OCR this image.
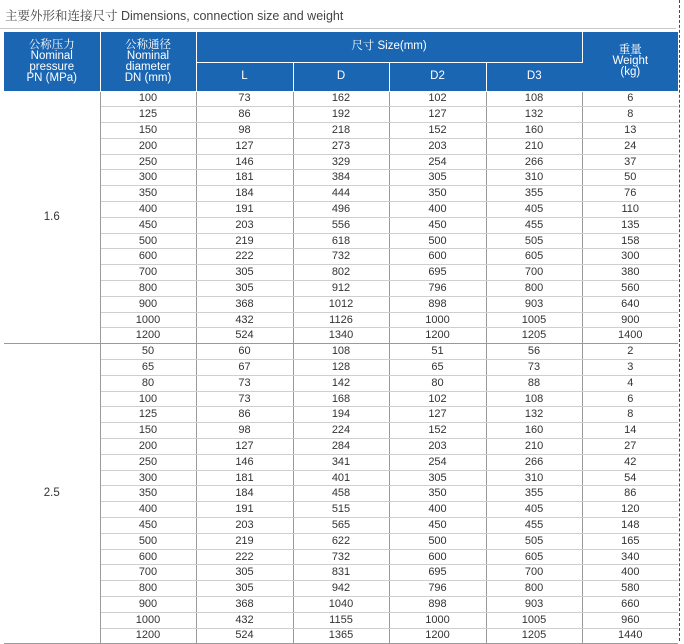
主要外形和连接尺寸 Dimensions, connection size and weight
公称压力
Nominal
pressure
PN (MPa)	公称通径
Nominal
diameter
DN (mm)	尺寸 Size(mm)				重量
Weight
(kg)
		L	D	D2	D3	
1.6	100	73	162	102	108	6
	125	86	192	127	132	8
	150	98	218	152	160	13
	200	127	273	203	210	24
	250	146	329	254	266	37
	300	181	384	305	310	50
	350	184	444	350	355	76
	400	191	496	400	405	110
	450	203	556	450	455	135
	500	219	618	500	505	158
	600	222	732	600	605	300
	700	305	802	695	700	380
	800	305	912	796	800	560
	900	368	1012	898	903	640
	1000	432	1126	1000	1005	900
	1200	524	1340	1200	1205	1400
2.5	50	60	108	51	56	2
	65	67	128	65	73	3
	80	73	142	80	88	4
	100	73	168	102	108	6
	125	86	194	127	132	8
	150	98	224	152	160	14
	200	127	284	203	210	27
	250	146	341	254	266	42
	300	181	401	305	310	54
	350	184	458	350	355	86
	400	191	515	400	405	120
	450	203	565	450	455	148
	500	219	622	500	505	165
	600	222	732	600	605	340
	700	305	831	695	700	400
	800	305	942	796	800	580
	900	368	1040	898	903	660
	1000	432	1155	1000	1005	960
	1200	524	1365	1200	1205	1440
